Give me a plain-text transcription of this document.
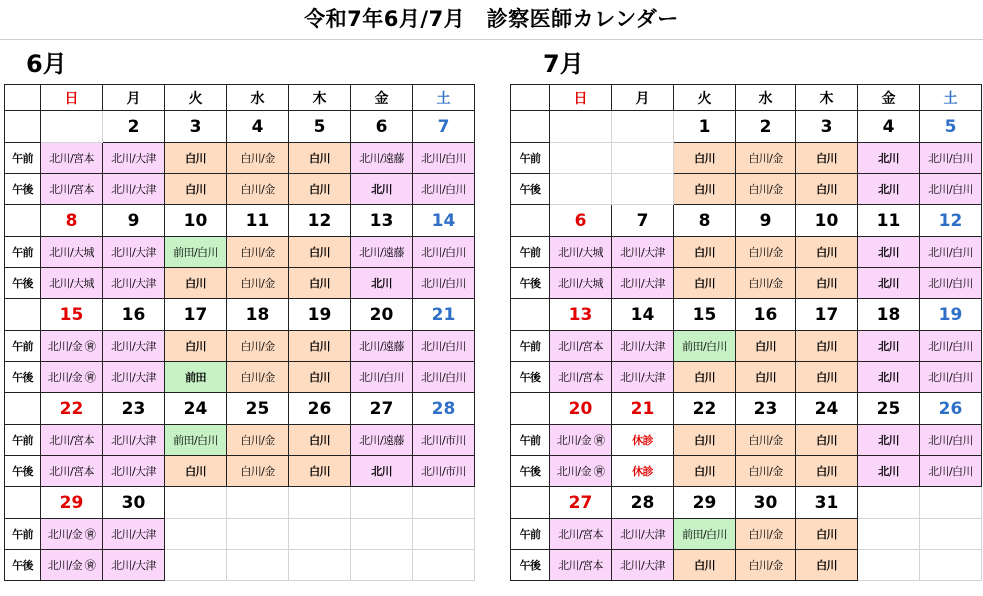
令和7年6月/7月　診察医師カレンダー
6月	7月
	日	月	火	水	木	金	土
		2	3	4	5	6	7
午前	北川/宮本	北川/大津	白川	白川/金	白川	北川/遠藤	北川/白川
午後	北川/宮本	北川/大津	白川	白川/金	白川	北川	北川/白川
	8	9	10	11	12	13	14
午前	北川/大城	北川/大津	前田/白川	白川/金	白川	北川/遠藤	北川/白川
午後	北川/大城	北川/大津	白川	白川/金	白川	北川	北川/白川
	15	16	17	18	19	20	21
午前	北川/金 ㊮	北川/大津	白川	白川/金	白川	北川/遠藤	北川/白川
午後	北川/金 ㊮	北川/大津	前田	白川/金	白川	北川/白川	北川/白川
	22	23	24	25	26	27	28
午前	北川/宮本	北川/大津	前田/白川	白川/金	白川	北川/遠藤	北川/市川
午後	北川/宮本	北川/大津	白川	白川/金	白川	北川	北川/市川
	29	30					
午前	北川/金 ㊮	北川/大津					
午後	北川/金 ㊮	北川/大津					
	日	月	火	水	木	金	土
			1	2	3	4	5
午前			白川	白川/金	白川	北川	北川/白川
午後			白川	白川/金	白川	北川	北川/白川
	6	7	8	9	10	11	12
午前	北川/大城	北川/大津	白川	白川/金	白川	北川	北川/白川
午後	北川/大城	北川/大津	白川	白川/金	白川	北川	北川/白川
	13	14	15	16	17	18	19
午前	北川/宮本	北川/大津	前田/白川	白川	白川	北川	北川/白川
午後	北川/宮本	北川/大津	白川	白川	白川	北川	北川/白川
	20	21	22	23	24	25	26
午前	北川/金 ㊮	休診	白川	白川/金	白川	北川	北川/白川
午後	北川/金 ㊮	休診	白川	白川/金	白川	北川	北川/白川
	27	28	29	30	31		
午前	北川/宮本	北川/大津	前田/白川	白川/金	白川		
午後	北川/宮本	北川/大津	白川	白川/金	白川		
